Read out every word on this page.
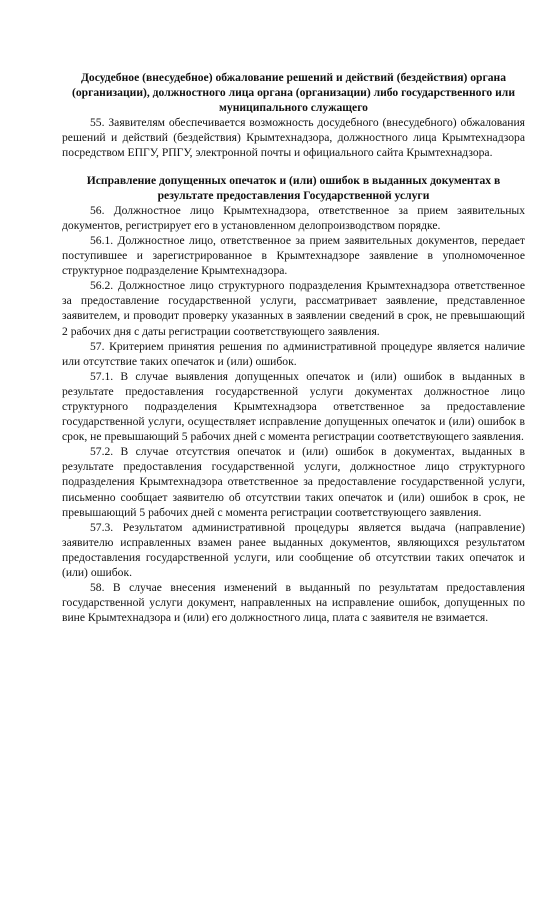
Досудебное (внесудебное) обжалование решений и действий (бездействия) органа (организации), должностного лица органа (организации) либо государственного или муниципального служащего

55. Заявителям обеспечивается возможность досудебного (внесудебного) обжалования решений и действий (бездействия) Крымтехнадзора, должностного лица Крымтехнадзора посредством ЕПГУ, РПГУ, электронной почты и официального сайта Крымтехнадзора.

Исправление допущенных опечаток и (или) ошибок в выданных документах в результате предоставления Государственной услуги

56. Должностное лицо Крымтехнадзора, ответственное за прием заявительных документов, регистрирует его в установленном делопроизводством порядке.

56.1. Должностное лицо, ответственное за прием заявительных документов, передает поступившее и зарегистрированное в Крымтехнадзоре заявление в уполномоченное структурное подразделение Крымтехнадзора.

56.2. Должностное лицо структурного подразделения Крымтехнадзора ответственное за предоставление государственной услуги, рассматривает заявление, представленное заявителем, и проводит проверку указанных в заявлении сведений в срок, не превышающий 2 рабочих дня с даты регистрации соответствующего заявления.

57. Критерием принятия решения по административной процедуре является наличие или отсутствие таких опечаток и (или) ошибок.

57.1. В случае выявления допущенных опечаток и (или) ошибок в выданных в результате предоставления государственной услуги документах должностное лицо структурного подразделения Крымтехнадзора ответственное за предоставление государственной услуги, осуществляет исправление допущенных опечаток и (или) ошибок в срок, не превышающий 5 рабочих дней с момента регистрации соответствующего заявления.

57.2. В случае отсутствия опечаток и (или) ошибок в документах, выданных в результате предоставления государственной услуги, должностное лицо структурного подразделения Крымтехнадзора ответственное за предоставление государственной услуги, письменно сообщает заявителю об отсутствии таких опечаток и (или) ошибок в срок, не превышающий 5 рабочих дней с момента регистрации соответствующего заявления.

57.3. Результатом административной процедуры является выдача (направление) заявителю исправленных взамен ранее выданных документов, являющихся результатом предоставления государственной услуги, или сообщение об отсутствии таких опечаток и (или) ошибок.

58. В случае внесения изменений в выданный по результатам предоставления государственной услуги документ, направленных на исправление ошибок, допущенных по вине Крымтехнадзора и (или) его должностного лица, плата с заявителя не взимается.
